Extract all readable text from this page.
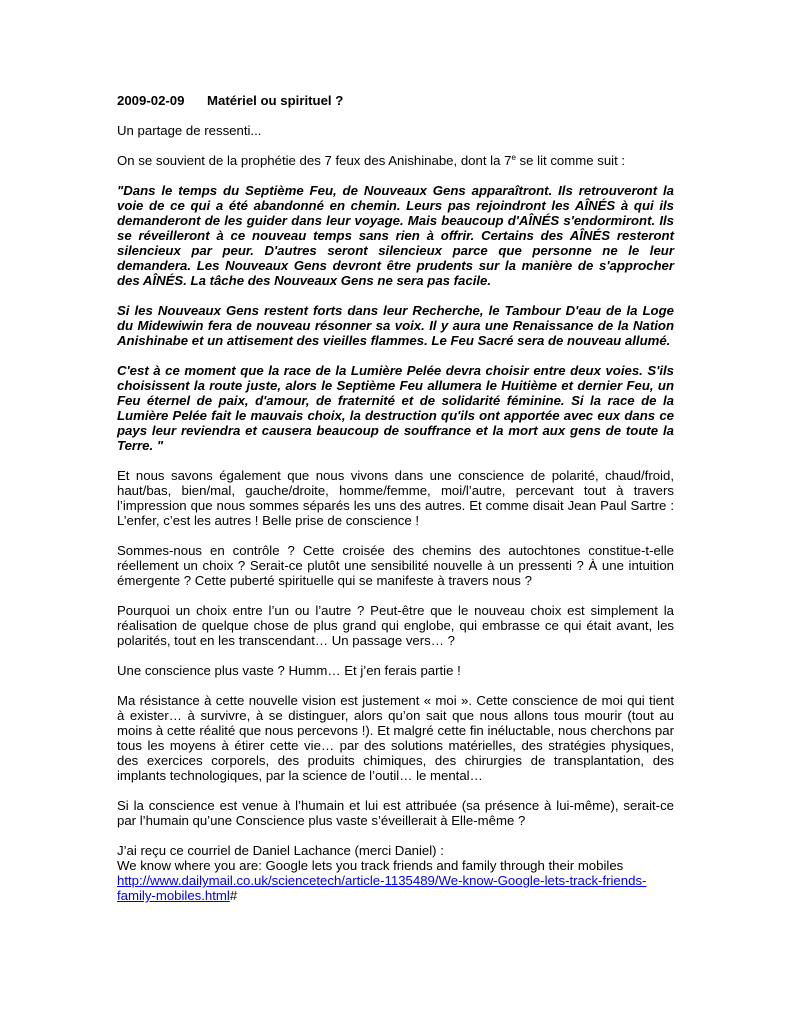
2009-02-09 Matériel ou spirituel ?

Un partage de ressenti...

On se souvient de la prophétie des 7 feux des Anishinabe, dont la 7e se lit comme suit :

"Dans le temps du Septième Feu, de Nouveaux Gens apparaîtront. Ils retrouveront la voie de ce qui a été abandonné en chemin. Leurs pas rejoindront les AÎNÉS à qui ils demanderont de les guider dans leur voyage. Mais beaucoup d'AÎNÉS s'endormiront. Ils se réveilleront à ce nouveau temps sans rien à offrir. Certains des AÎNÉS resteront silencieux par peur. D'autres seront silencieux parce que personne ne le leur demandera. Les Nouveaux Gens devront être prudents sur la manière de s'approcher des AÎNÉS. La tâche des Nouveaux Gens ne sera pas facile.

Si les Nouveaux Gens restent forts dans leur Recherche, le Tambour D'eau de la Loge du Midewiwin fera de nouveau résonner sa voix. Il y aura une Renaissance de la Nation Anishinabe et un attisement des vieilles flammes. Le Feu Sacré sera de nouveau allumé.

C'est à ce moment que la race de la Lumière Pelée devra choisir entre deux voies. S'ils choisissent la route juste, alors le Septième Feu allumera le Huitième et dernier Feu, un Feu éternel de paix, d'amour, de fraternité et de solidarité féminine. Si la race de la Lumière Pelée fait le mauvais choix, la destruction qu'ils ont apportée avec eux dans ce pays leur reviendra et causera beaucoup de souffrance et la mort aux gens de toute la Terre. "

Et nous savons également que nous vivons dans une conscience de polarité, chaud/froid, haut/bas, bien/mal, gauche/droite, homme/femme, moi/l’autre, percevant tout à travers l’impression que nous sommes séparés les uns des autres. Et comme disait Jean Paul Sartre : L’enfer, c’est les autres ! Belle prise de conscience !

Sommes-nous en contrôle ? Cette croisée des chemins des autochtones constitue-t-elle réellement un choix ? Serait-ce plutôt une sensibilité nouvelle à un pressenti ? À une intuition émergente ? Cette puberté spirituelle qui se manifeste à travers nous ?

Pourquoi un choix entre l’un ou l’autre ? Peut-être que le nouveau choix est simplement la réalisation de quelque chose de plus grand qui englobe, qui embrasse ce qui était avant, les polarités, tout en les transcendant… Un passage vers… ?

Une conscience plus vaste ? Humm… Et j’en ferais partie !

Ma résistance à cette nouvelle vision est justement « moi ». Cette conscience de moi qui tient à exister… à survivre, à se distinguer, alors qu’on sait que nous allons tous mourir (tout au moins à cette réalité que nous percevons !). Et malgré cette fin inéluctable, nous cherchons par tous les moyens à étirer cette vie… par des solutions matérielles, des stratégies physiques, des exercices corporels, des produits chimiques, des chirurgies de transplantation, des implants technologiques, par la science de l’outil… le mental…

Si la conscience est venue à l’humain et lui est attribuée (sa présence à lui-même), serait-ce par l’humain qu’une Conscience plus vaste s’éveillerait à Elle-même ?

J’ai reçu ce courriel de Daniel Lachance (merci Daniel) :
We know where you are: Google lets you track friends and family through their mobiles
http://www.dailymail.co.uk/sciencetech/article-1135489/We-know-Google-lets-track-friends-
family-mobiles.html#
